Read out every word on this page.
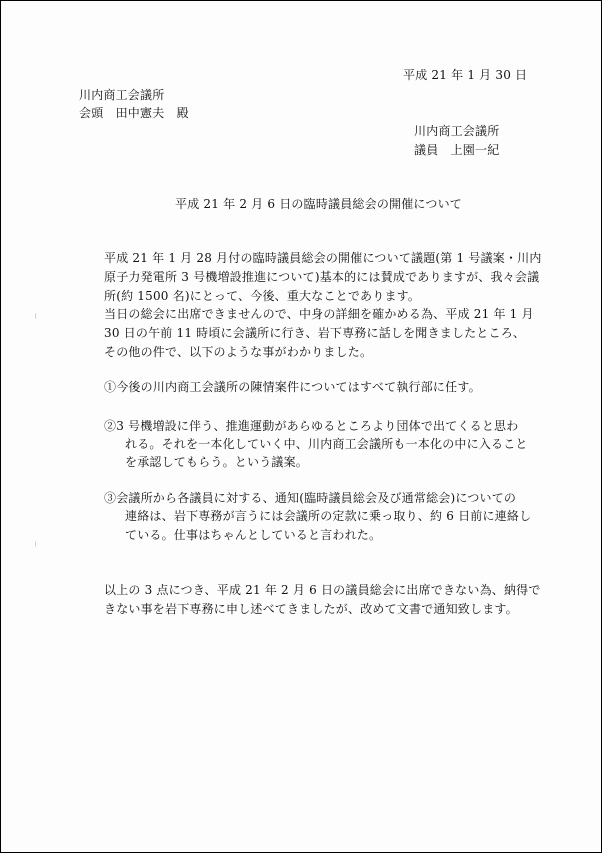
平成 21 年 1 月 30 日
川内商工会議所
会頭　田中憲夫　殿
川内商工会議所
議員　上園一紀
平成 21 年 2 月 6 日の臨時議員総会の開催について
平成 21 年 1 月 28 月付の臨時議員総会の開催について議題(第 1 号議案・川内
原子力発電所 3 号機増設推進について)基本的には賛成でありますが、我々会議
所(約 1500 名)にとって、今後、重大なことであります。
当日の総会に出席できませんので、中身の詳細を確かめる為、平成 21 年 1 月
30 日の午前 11 時頃に会議所に行き、岩下専務に話しを聞きましたところ、
その他の件で、以下のような事がわかりました。
①今後の川内商工会議所の陳情案件についてはすべて執行部に任す。
②3 号機増設に伴う、推進運動があらゆるところより団体で出てくると思わ
れる。それを一本化していく中、川内商工会議所も一本化の中に入ること
を承認してもらう。という議案。
③会議所から各議員に対する、通知(臨時議員総会及び通常総会)についての
連絡は、岩下専務が言うには会議所の定款に乗っ取り、約 6 日前に連絡し
ている。仕事はちゃんとしていると言われた。
以上の 3 点につき、平成 21 年 2 月 6 日の議員総会に出席できない為、納得で
きない事を岩下専務に申し述べてきましたが、改めて文書で通知致します。
